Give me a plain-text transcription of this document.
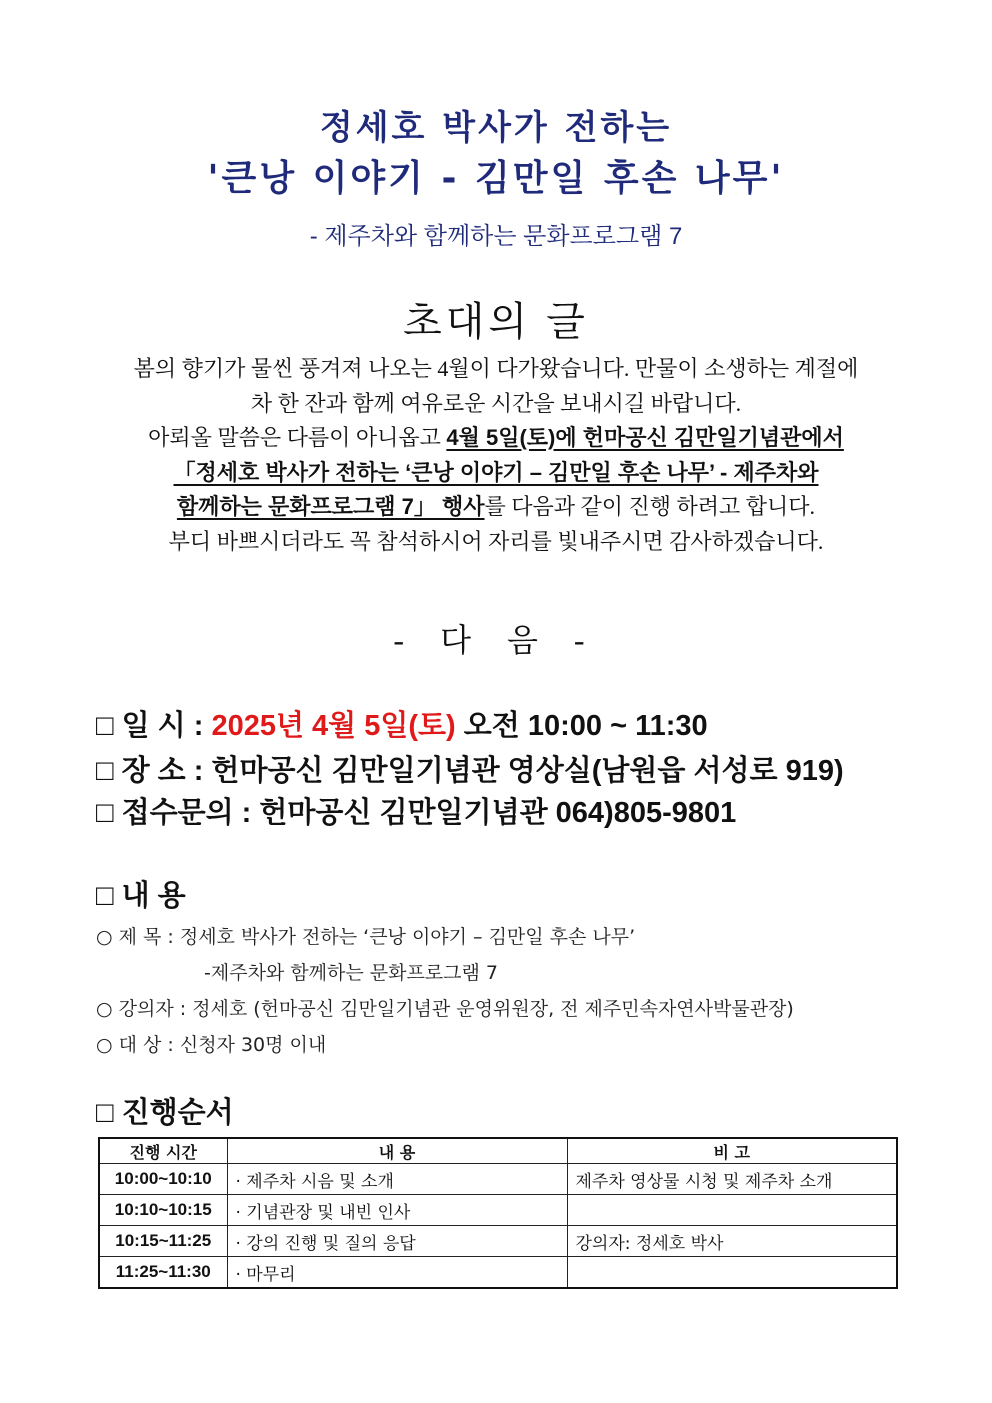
정세호 박사가 전하는
'큰낭 이야기 - 김만일 후손 나무'
- 제주차와 함께하는 문화프로그램 7
초대의 글

봄의 향기가 물씬 풍겨져 나오는 4월이 다가왔습니다. 만물이 소생하는 계절에

차 한 잔과 함께 여유로운 시간을 보내시길 바랍니다.

아뢰올 말씀은 다름이 아니옵고 4월 5일(토)에 헌마공신 김만일기념관에서

「정세호 박사가 전하는 ‘큰낭 이야기 – 김만일 후손 나무’ - 제주차와

함께하는 문화프로그램 7」 행사를 다음과 같이 진행 하려고 합니다.

부디 바쁘시더라도 꼭 참석하시어 자리를 빛내주시면 감사하겠습니다.

- 다 음 -
□ 일 시 : 2025년 4월 5일(토) 오전 10:00 ~ 11:30
□ 장 소 : 헌마공신 김만일기념관 영상실(남원읍 서성로 919)
□ 접수문의 : 헌마공신 김만일기념관 064)805-9801
□ 내 용
○ 제 목 : 정세호 박사가 전하는 ‘큰낭 이야기 – 김만일 후손 나무’
-제주차와 함께하는 문화프로그램 7
○ 강의자 : 정세호 (헌마공신 김만일기념관 운영위원장, 전 제주민속자연사박물관장)
○ 대 상 : 신청자 30명 이내
□ 진행순서
진행 시간	내 용	비 고
10:00~10:10	· 제주차 시음 및 소개	제주차 영상물 시청 및 제주차 소개
10:10~10:15	· 기념관장 및 내빈 인사	
10:15~11:25	· 강의 진행 및 질의 응답	강의자: 정세호 박사
11:25~11:30	· 마무리	
